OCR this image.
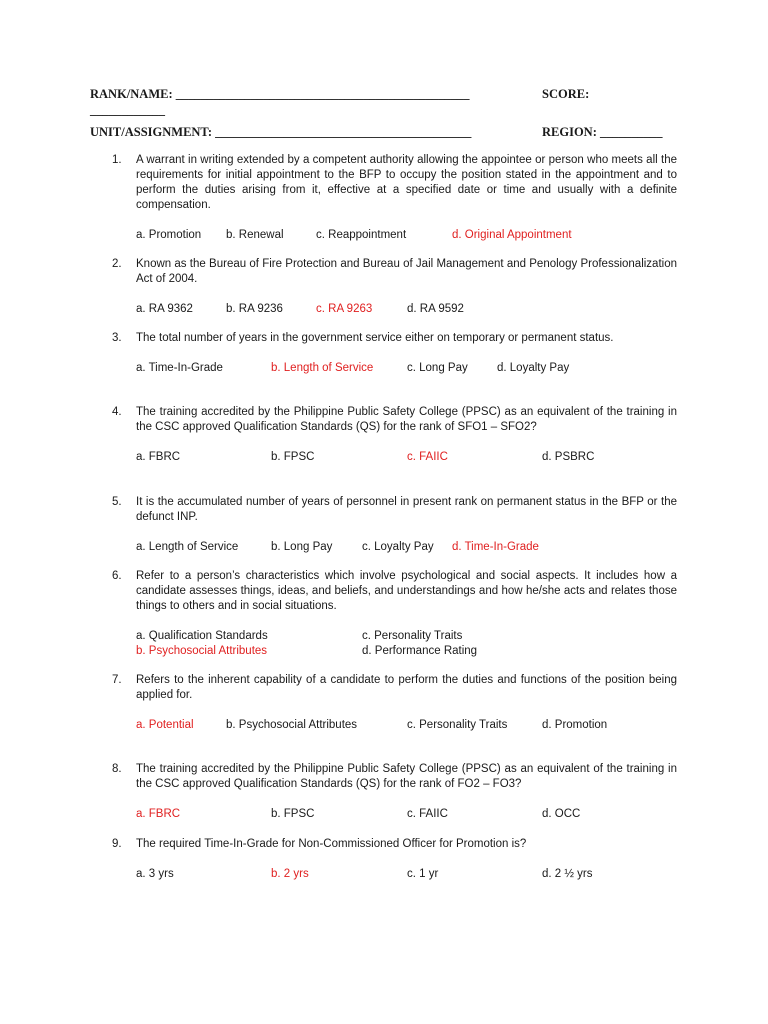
RANK/NAME: _______________________________________________	SCORE:
____________
UNIT/ASSIGNMENT: _________________________________________	REGION: __________
1. A warrant in writing extended by a competent authority allowing the appointee or person who meets all the requirements for initial appointment to the BFP to occupy the position stated in the appointment and to perform the duties arising from it, effective at a specified date or time and usually with a definite compensation.
a. Promotion b. Renewal	c. Reappointment	d. Original Appointment
2. Known as the Bureau of Fire Protection and Bureau of Jail Management and Penology Professionalization Act of 2004.
a. RA 9362	b. RA 9236	c. RA 9263	d. RA 9592
3. The total number of years in the government service either on temporary or permanent status.
a. Time-In-Grade	b. Length of Service	c. Long Pay	d. Loyalty Pay
4. The training accredited by the Philippine Public Safety College (PPSC) as an equivalent of the training in the CSC approved Qualification Standards (QS) for the rank of SFO1 – SFO2?
a. FBRC	b. FPSC	c. FAIIC	d. PSBRC
5. It is the accumulated number of years of personnel in present rank on permanent status in the BFP or the defunct INP.
a. Length of Service	b. Long Pay	c. Loyalty Pay d. Time-In-Grade
6. Refer to a person’s characteristics which involve psychological and social aspects. It includes how a candidate assesses things, ideas, and beliefs, and understandings and how he/she acts and relates those things to others and in social situations.
a. Qualification Standards	c. Personality Traits
b. Psychosocial Attributes	d. Performance Rating
7. Refers to the inherent capability of a candidate to perform the duties and functions of the position being applied for.
a. Potential	b. Psychosocial Attributes	c. Personality Traits	d. Promotion
8. The training accredited by the Philippine Public Safety College (PPSC) as an equivalent of the training in the CSC approved Qualification Standards (QS) for the rank of FO2 – FO3?
a. FBRC	b. FPSC	c. FAIIC	d. OCC
9. The required Time-In-Grade for Non-Commissioned Officer for Promotion is?
a. 3 yrs	b. 2 yrs	c. 1 yr	d. 2 ½ yrs
